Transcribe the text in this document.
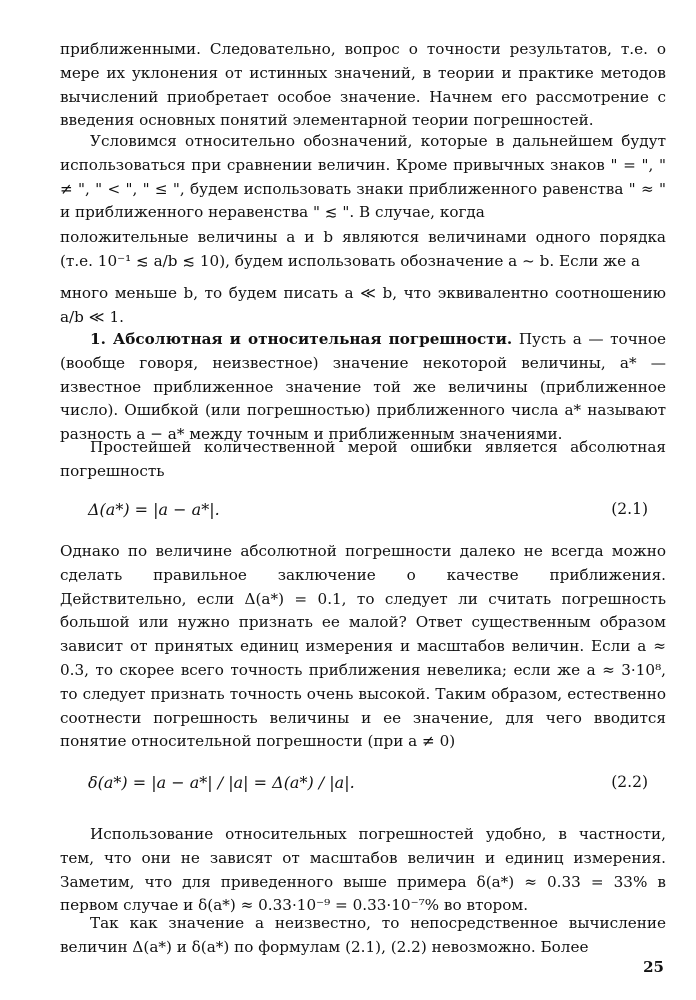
приближенными. Следовательно, вопрос о точности результатов, т.е. о мере их уклонения от истинных значений, в теории и практике методов вычислений приобретает особое значение. Начнем его рассмотрение с введения основных понятий элементарной теории погрешностей.

Условимся относительно обозначений, которые в дальнейшем будут использоваться при сравнении величин. Кроме привычных знаков " = ", " ≠ ", " < ", " ≤ ", будем использовать знаки приближенного равенства " ≈ " и приближенного неравенства " ≲ ". В случае, когда

положительные величины a и b являются величинами одного порядка (т.е. 10⁻¹ ≲ a/b ≲ 10), будем использовать обозначение a ~ b. Если же a

много меньше b, то будем писать a ≪ b, что эквивалентно соотношению a/b ≪ 1.

1. Абсолютная и относительная погрешности. Пусть a — точное (вообще говоря, неизвестное) значение некоторой величины, a* — известное приближенное значение той же величины (приближенное число). Ошибкой (или погрешностью) приближенного числа a* называют разность a − a* между точным и приближенным значениями.

Простейшей количественной мерой ошибки является абсолютная погрешность

Δ(a*) = |a − a*|.	(2.1)

Однако по величине абсолютной погрешности далеко не всегда можно сделать правильное заключение о качестве приближения. Действительно, если Δ(a*) = 0.1, то следует ли считать погрешность большой или нужно признать ее малой? Ответ существенным образом зависит от принятых единиц измерения и масштабов величин. Если a ≈ 0.3, то скорее всего точность приближения невелика; если же a ≈ 3·10⁸, то следует признать точность очень высокой. Таким образом, естественно соотнести погрешность величины и ее значение, для чего вводится понятие относительной погрешности (при a ≠ 0)

δ(a*) = |a − a*| / |a| = Δ(a*) / |a|.	(2.2)

Использование относительных погрешностей удобно, в частности, тем, что они не зависят от масштабов величин и единиц измерения. Заметим, что для приведенного выше примера δ(a*) ≈ 0.33 = 33% в первом случае и δ(a*) ≈ 0.33·10⁻⁹ = 0.33·10⁻⁷% во втором.

Так как значение a неизвестно, то непосредственное вычисление величин Δ(a*) и δ(a*) по формулам (2.1), (2.2) невозможно. Более

25
